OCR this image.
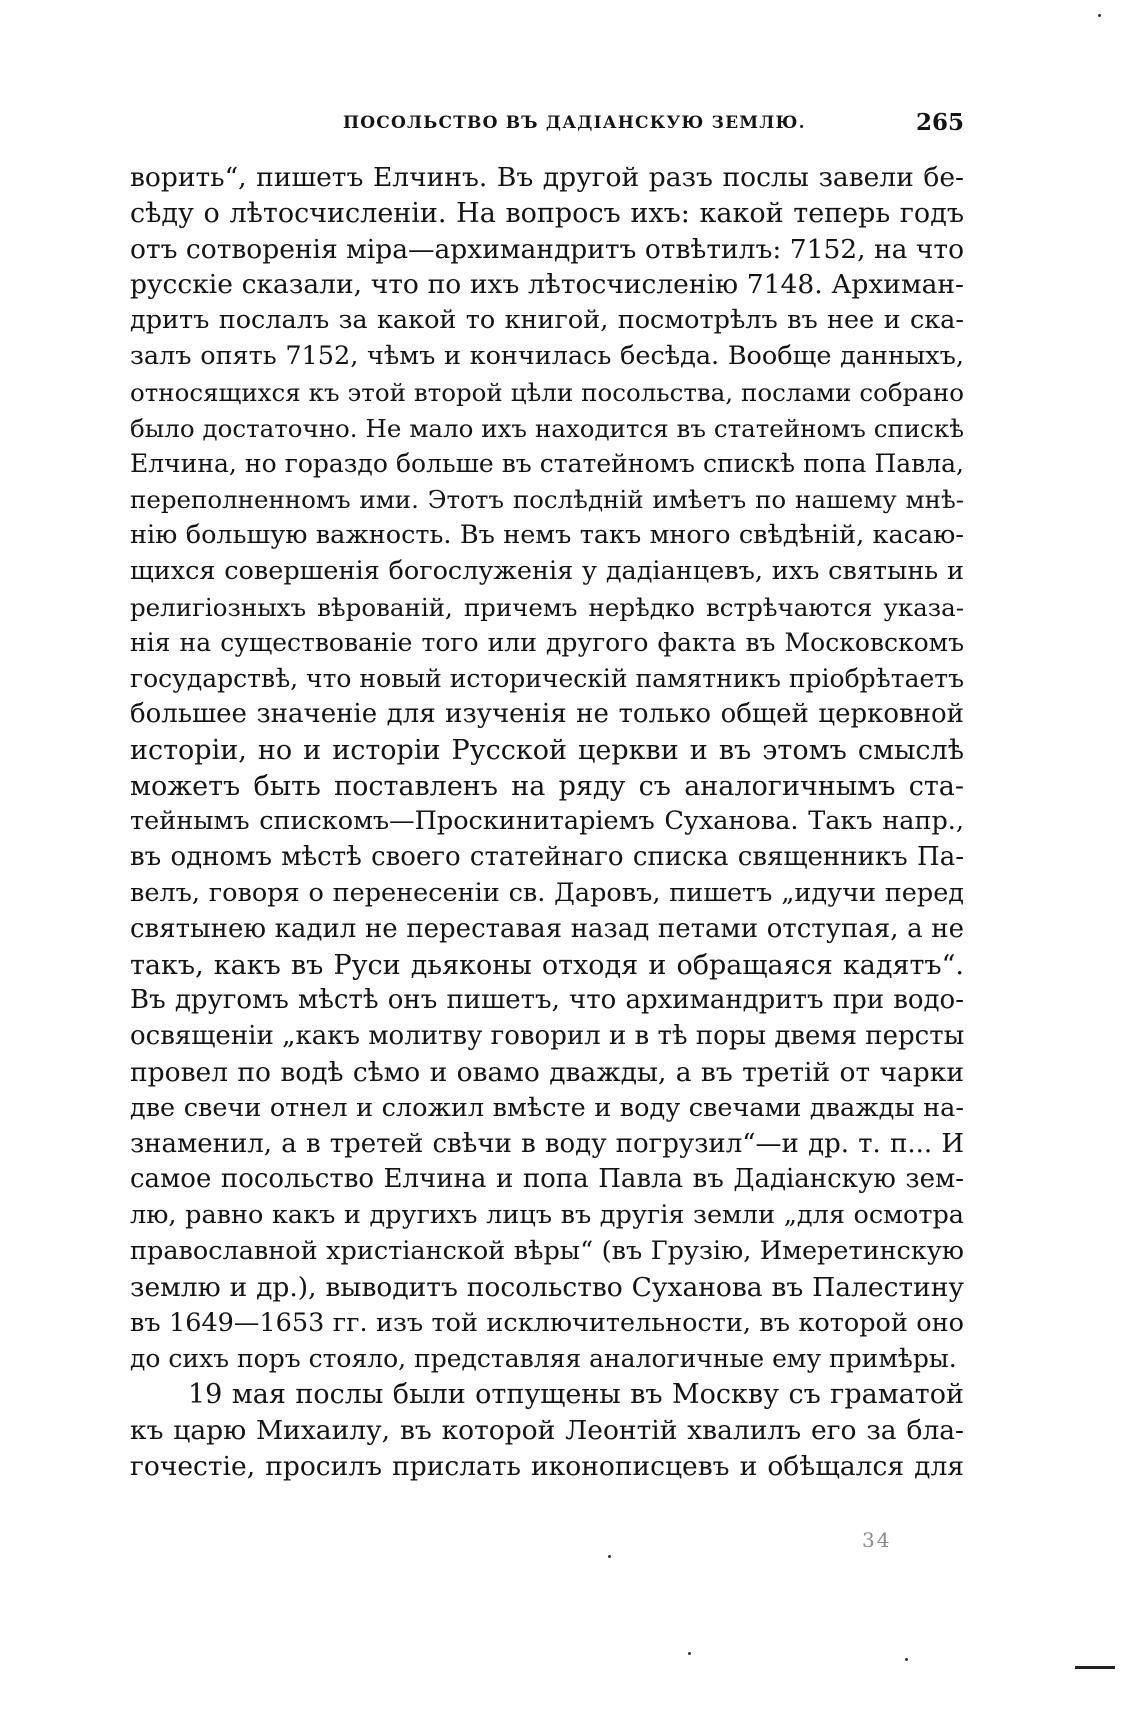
ПОСОЛЬСТВО ВЪ ДАДІАНСКУЮ ЗЕМЛЮ.	265
ворить“, пишетъ Елчинъ. Въ другой разъ послы завели бе-
сѣду о лѣтосчисленіи. На вопросъ ихъ: какой теперь годъ
отъ сотворенія міра—архимандритъ отвѣтилъ: 7152, на что
русскіе сказали, что по ихъ лѣтосчисленію 7148. Архиман-
дритъ послалъ за какой то книгой, посмотрѣлъ въ нее и ска-
залъ опять 7152, чѣмъ и кончилась бесѣда. Вообще данныхъ,
относящихся къ этой второй цѣли посольства, послами собрано
было достаточно. Не мало ихъ находится въ статейномъ спискѣ
Елчина, но гораздо больше въ статейномъ спискѣ попа Павла,
переполненномъ ими. Этотъ послѣдній имѣетъ по нашему мнѣ-
нію большую важность. Въ немъ такъ много свѣдѣній, касаю-
щихся совершенія богослуженія у дадіанцевъ, ихъ святынь и
религіозныхъ вѣрованій, причемъ нерѣдко встрѣчаются указа-
нія на существованіе того или другого факта въ Московскомъ
государствѣ, что новый историческій памятникъ пріобрѣтаетъ
большее значеніе для изученія не только общей церковной
исторіи, но и исторіи Русской церкви и въ этомъ смыслѣ
можетъ быть поставленъ на ряду съ аналогичнымъ ста-
тейнымъ спискомъ—Проскинитаріемъ Суханова. Такъ напр.,
въ одномъ мѣстѣ своего статейнаго списка священникъ Па-
велъ, говоря о перенесеніи св. Даровъ, пишетъ „идучи перед
святынею кадил не переставая назад петами отступая, а не
такъ, какъ въ Руси дьяконы отходя и обращаяся кадятъ“.
Въ другомъ мѣстѣ онъ пишетъ, что архимандритъ при водо-
освященіи „какъ молитву говорил и в тѣ поры двемя персты
провел по водѣ сѣмо и овамо дважды, а въ третій от чарки
две свечи отнел и сложил вмѣсте и воду свечами дважды на-
знаменил, а в третей свѣчи в воду погрузил“—и др. т. п... И
самое посольство Елчина и попа Павла въ Дадіанскую зем-
лю, равно какъ и другихъ лицъ въ другія земли „для осмотра
православной христіанской вѣры“ (въ Грузію, Имеретинскую
землю и др.), выводитъ посольство Суханова въ Палестину
въ 1649—1653 гг. изъ той исключительности, въ которой оно
до сихъ поръ стояло, представляя аналогичные ему примѣры.
19 мая послы были отпущены въ Москву съ граматой
къ царю Михаилу, въ которой Леонтій хвалилъ его за бла-
гочестіе, просилъ прислать иконописцевъ и обѣщался для
34
